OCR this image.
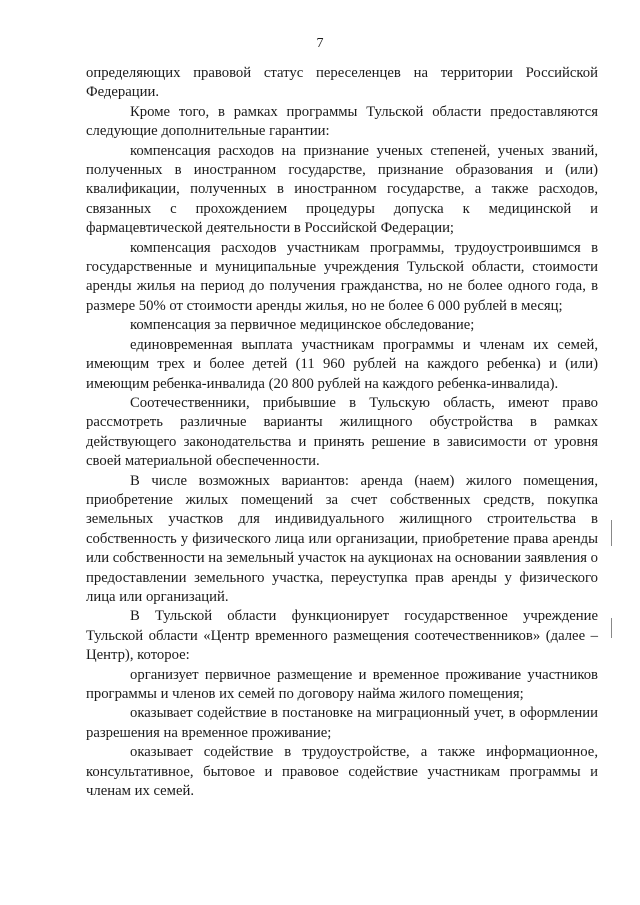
7

определяющих правовой статус переселенцев на территории Российской Федерации.

Кроме того, в рамках программы Тульской области предоставляются следующие дополнительные гарантии:

компенсация расходов на признание ученых степеней, ученых званий, полученных в иностранном государстве, признание образования и (или) квалификации, полученных в иностранном государстве, а также расходов, связанных с прохождением процедуры допуска к медицинской и фармацевтической деятельности в Российской Федерации;

компенсация расходов участникам программы, трудоустроившимся в государственные и муниципальные учреждения Тульской области, стоимости аренды жилья на период до получения гражданства, но не более одного года, в размере 50% от стоимости аренды жилья, но не более 6 000 рублей в месяц;

компенсация за первичное медицинское обследование;

единовременная выплата участникам программы и членам их семей, имеющим трех и более детей (11 960 рублей на каждого ребенка) и (или) имеющим ребенка-инвалида (20 800 рублей на каждого ребенка-инвалида).

Соотечественники, прибывшие в Тульскую область, имеют право рассмотреть различные варианты жилищного обустройства в рамках действующего законодательства и принять решение в зависимости от уровня своей материальной обеспеченности.

В числе возможных вариантов: аренда (наем) жилого помещения, приобретение жилых помещений за счет собственных средств, покупка земельных участков для индивидуального жилищного строительства в собственность у физического лица или организации, приобретение права аренды или собственности на земельный участок на аукционах на основании заявления о предоставлении земельного участка, переуступка прав аренды у физического лица или организаций.

В Тульской области функционирует государственное учреждение Тульской области «Центр временного размещения соотечественников» (далее – Центр), которое:

организует первичное размещение и временное проживание участников программы и членов их семей по договору найма жилого помещения;

оказывает содействие в постановке на миграционный учет, в оформлении разрешения на временное проживание;

оказывает содействие в трудоустройстве, а также информационное, консультативное, бытовое и правовое содействие участникам программы и членам их семей.
